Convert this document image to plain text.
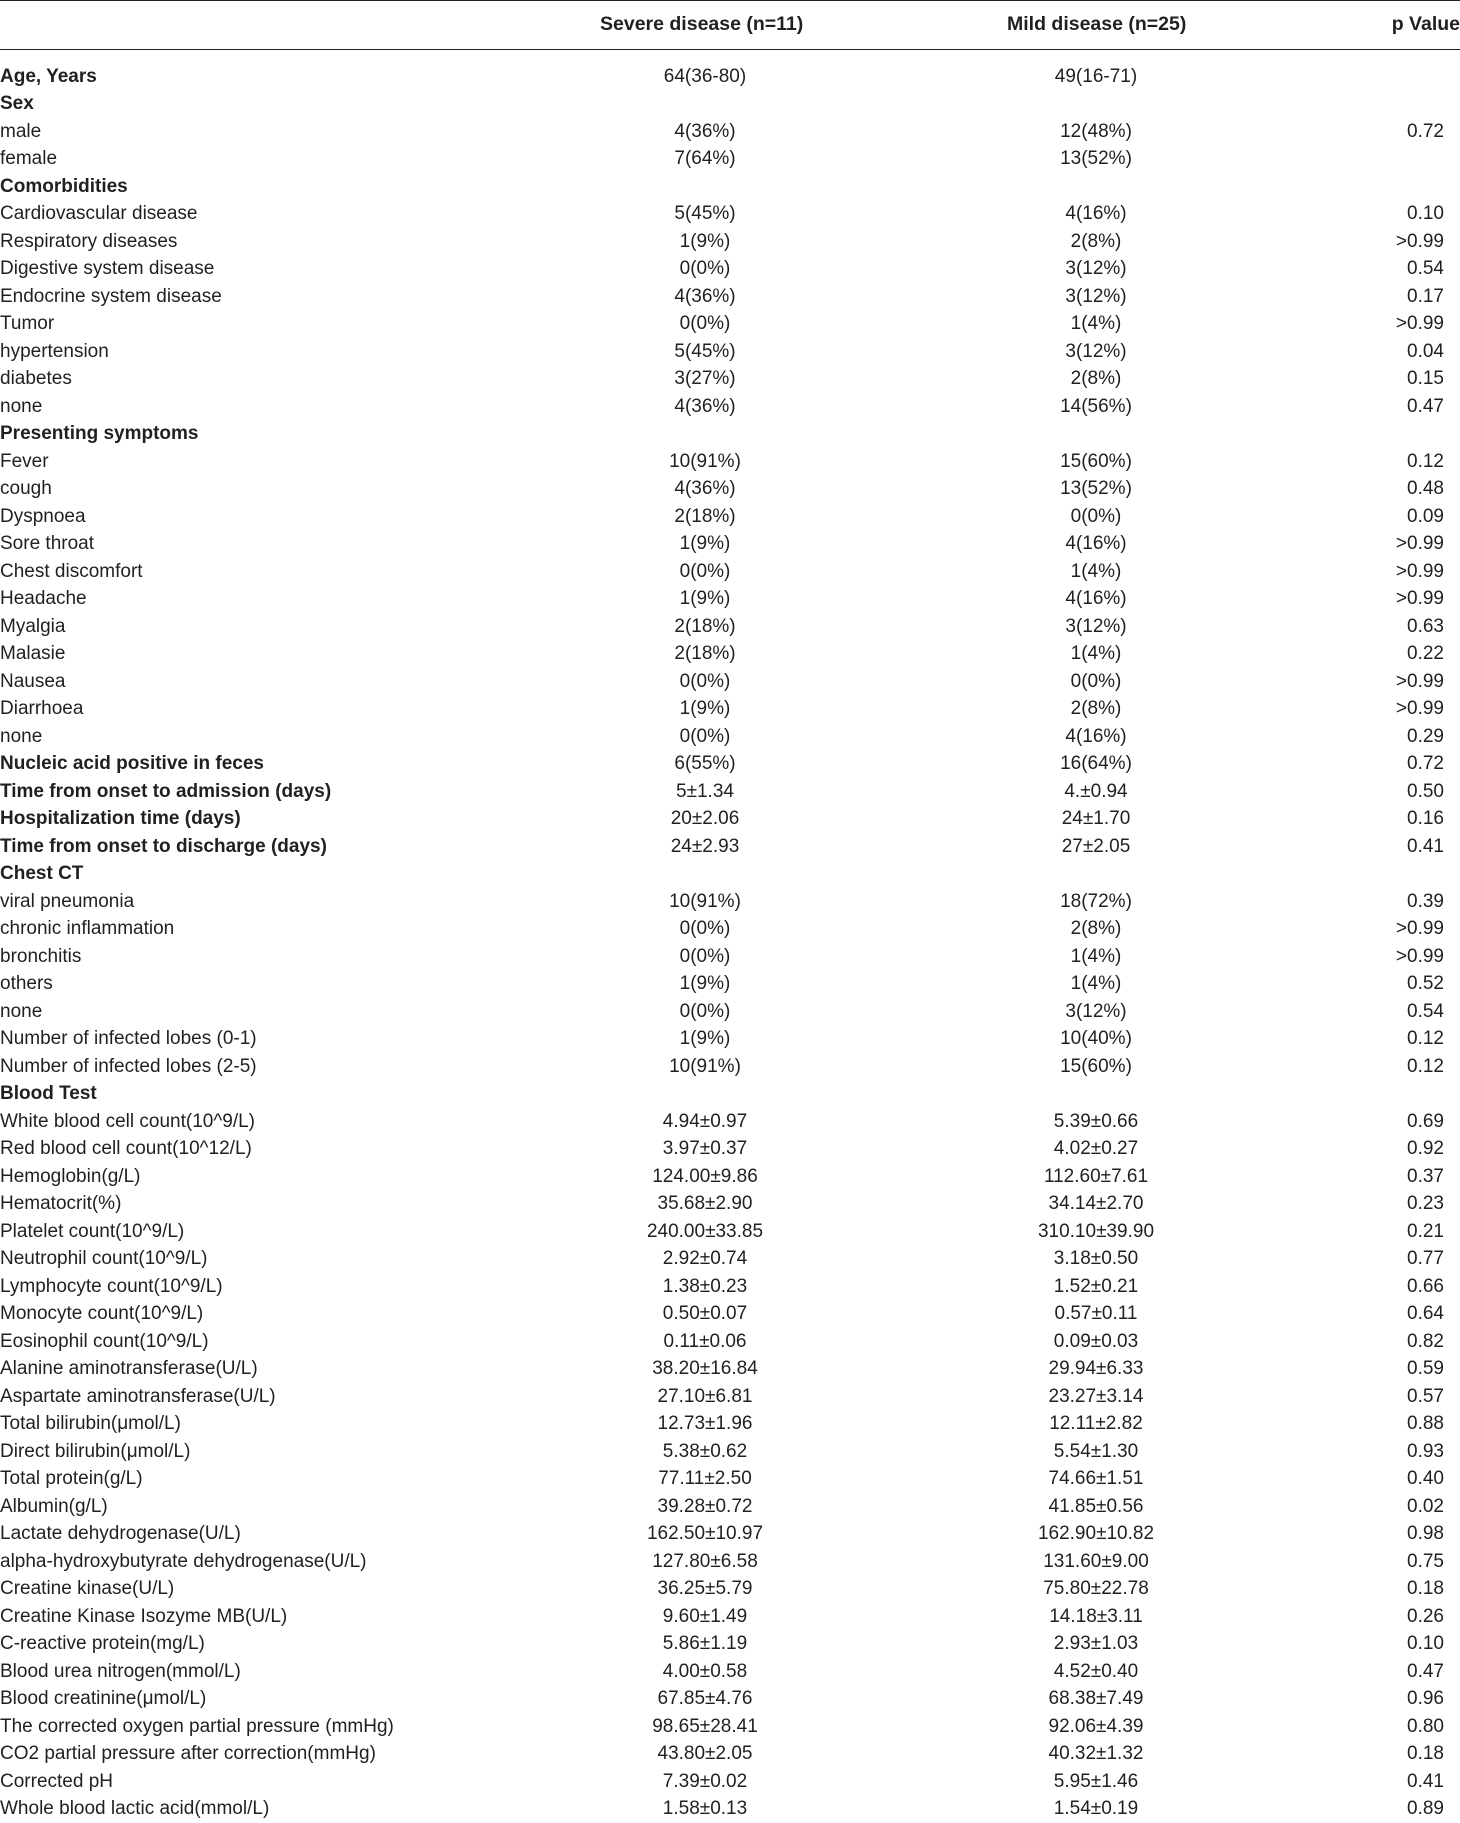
Severe disease (n=11)	Mild disease (n=25)	p Value
Age, Years	64(36-80)	49(16-71)
Sex
male	4(36%)	12(48%)	0.72
female	7(64%)	13(52%)
Comorbidities
Cardiovascular disease	5(45%)	4(16%)	0.10
Respiratory diseases	1(9%)	2(8%)	>0.99
Digestive system disease	0(0%)	3(12%)	0.54
Endocrine system disease	4(36%)	3(12%)	0.17
Tumor	0(0%)	1(4%)	>0.99
hypertension	5(45%)	3(12%)	0.04
diabetes	3(27%)	2(8%)	0.15
none	4(36%)	14(56%)	0.47
Presenting symptoms
Fever	10(91%)	15(60%)	0.12
cough	4(36%)	13(52%)	0.48
Dyspnoea	2(18%)	0(0%)	0.09
Sore throat	1(9%)	4(16%)	>0.99
Chest discomfort	0(0%)	1(4%)	>0.99
Headache	1(9%)	4(16%)	>0.99
Myalgia	2(18%)	3(12%)	0.63
Malasie	2(18%)	1(4%)	0.22
Nausea	0(0%)	0(0%)	>0.99
Diarrhoea	1(9%)	2(8%)	>0.99
none	0(0%)	4(16%)	0.29
Nucleic acid positive in feces	6(55%)	16(64%)	0.72
Time from onset to admission (days)	5±1.34	4.±0.94	0.50
Hospitalization time (days)	20±2.06	24±1.70	0.16
Time from onset to discharge (days)	24±2.93	27±2.05	0.41
Chest CT
viral pneumonia	10(91%)	18(72%)	0.39
chronic inflammation	0(0%)	2(8%)	>0.99
bronchitis	0(0%)	1(4%)	>0.99
others	1(9%)	1(4%)	0.52
none	0(0%)	3(12%)	0.54
Number of infected lobes (0-1)	1(9%)	10(40%)	0.12
Number of infected lobes (2-5)	10(91%)	15(60%)	0.12
Blood Test
White blood cell count(10^9/L)	4.94±0.97	5.39±0.66	0.69
Red blood cell count(10^12/L)	3.97±0.37	4.02±0.27	0.92
Hemoglobin(g/L)	124.00±9.86	112.60±7.61	0.37
Hematocrit(%)	35.68±2.90	34.14±2.70	0.23
Platelet count(10^9/L)	240.00±33.85	310.10±39.90	0.21
Neutrophil count(10^9/L)	2.92±0.74	3.18±0.50	0.77
Lymphocyte count(10^9/L)	1.38±0.23	1.52±0.21	0.66
Monocyte count(10^9/L)	0.50±0.07	0.57±0.11	0.64
Eosinophil count(10^9/L)	0.11±0.06	0.09±0.03	0.82
Alanine aminotransferase(U/L)	38.20±16.84	29.94±6.33	0.59
Aspartate aminotransferase(U/L)	27.10±6.81	23.27±3.14	0.57
Total bilirubin(μmol/L)	12.73±1.96	12.11±2.82	0.88
Direct bilirubin(μmol/L)	5.38±0.62	5.54±1.30	0.93
Total protein(g/L)	77.11±2.50	74.66±1.51	0.40
Albumin(g/L)	39.28±0.72	41.85±0.56	0.02
Lactate dehydrogenase(U/L)	162.50±10.97	162.90±10.82	0.98
alpha-hydroxybutyrate dehydrogenase(U/L)	127.80±6.58	131.60±9.00	0.75
Creatine kinase(U/L)	36.25±5.79	75.80±22.78	0.18
Creatine Kinase Isozyme MB(U/L)	9.60±1.49	14.18±3.11	0.26
C-reactive protein(mg/L)	5.86±1.19	2.93±1.03	0.10
Blood urea nitrogen(mmol/L)	4.00±0.58	4.52±0.40	0.47
Blood creatinine(μmol/L)	67.85±4.76	68.38±7.49	0.96
The corrected oxygen partial pressure (mmHg)	98.65±28.41	92.06±4.39	0.80
CO2 partial pressure after correction(mmHg)	43.80±2.05	40.32±1.32	0.18
Corrected pH	7.39±0.02	5.95±1.46	0.41
Whole blood lactic acid(mmol/L)	1.58±0.13	1.54±0.19	0.89
